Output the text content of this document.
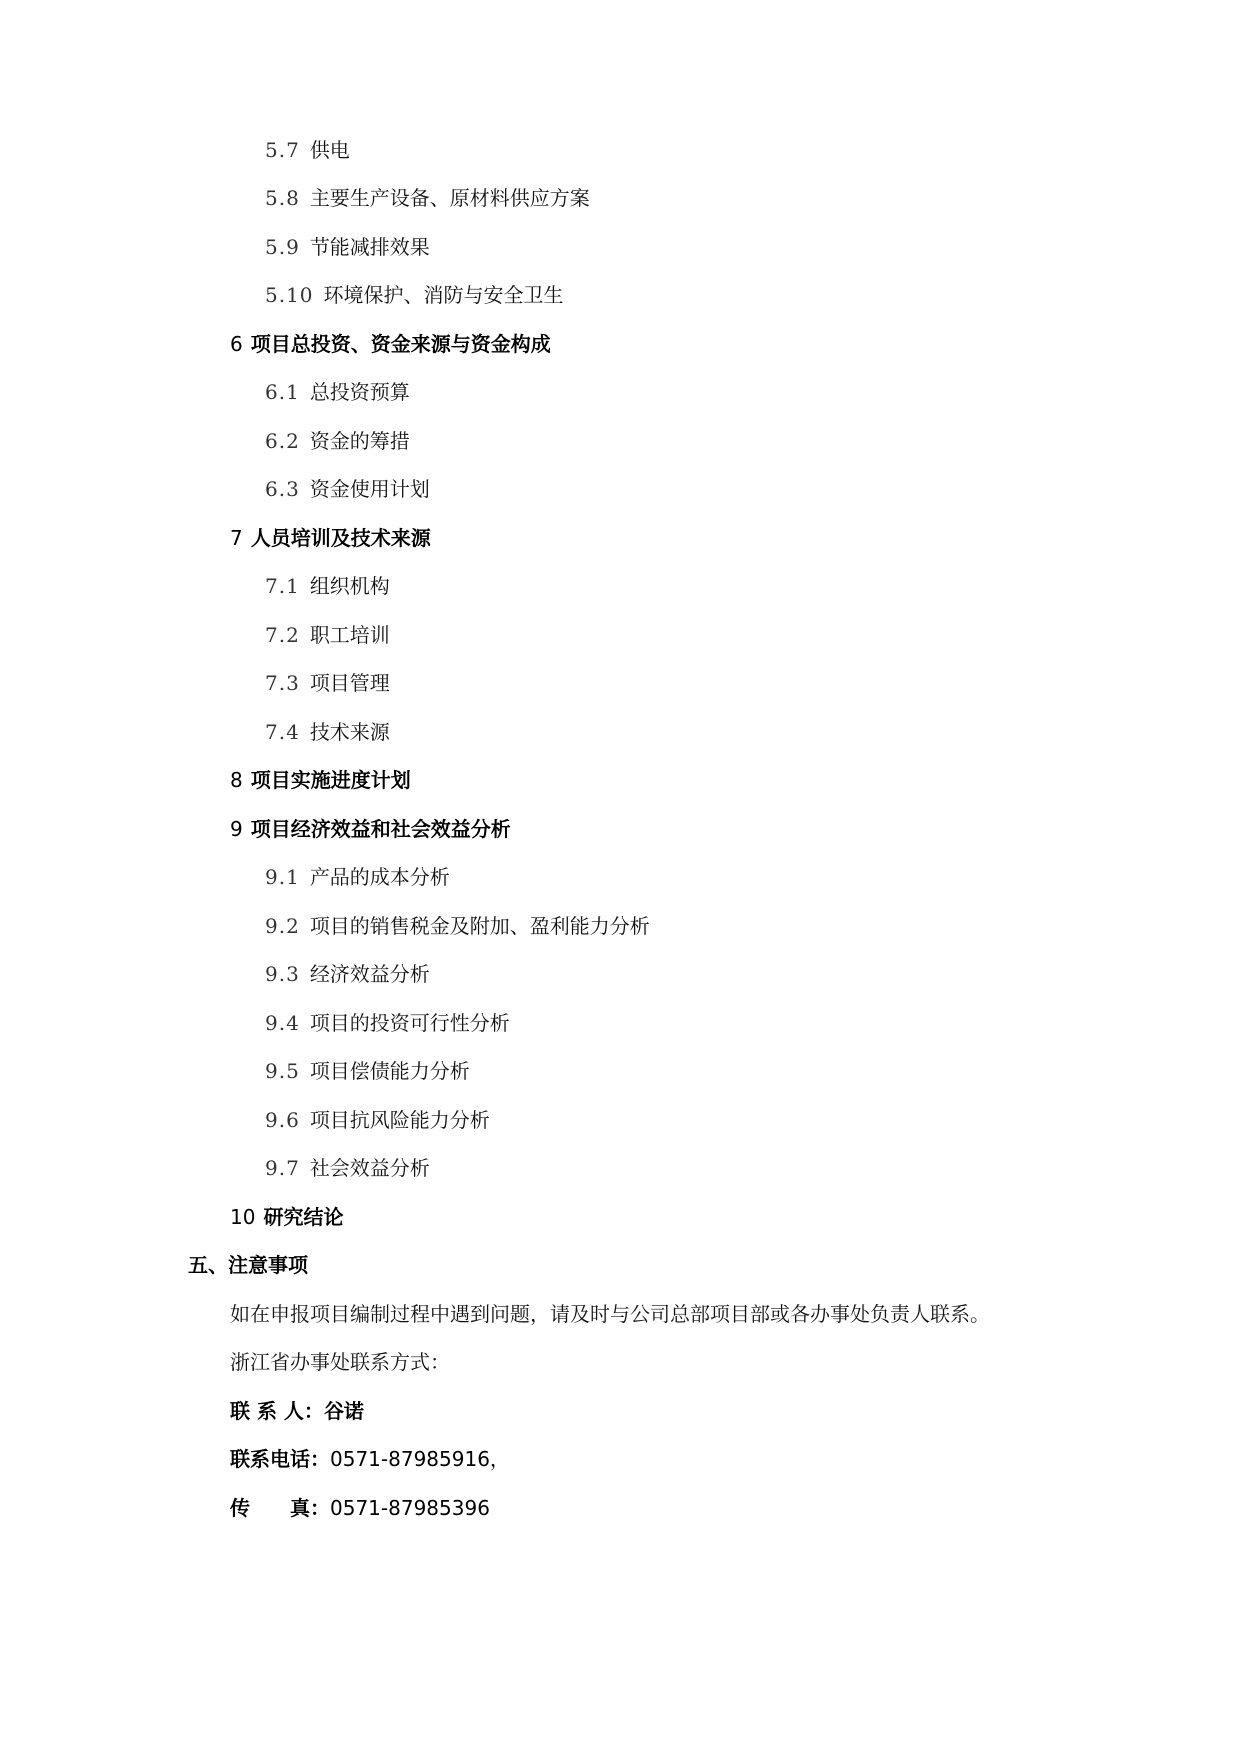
5.7 供电
5.8 主要生产设备、原材料供应方案
5.9 节能减排效果
5.10 环境保护、消防与安全卫生
6 项目总投资、资金来源与资金构成
6.1 总投资预算
6.2 资金的筹措
6.3 资金使用计划
7 人员培训及技术来源
7.1 组织机构
7.2 职工培训
7.3 项目管理
7.4 技术来源
8 项目实施进度计划
9 项目经济效益和社会效益分析
9.1 产品的成本分析
9.2 项目的销售税金及附加、盈利能力分析
9.3 经济效益分析
9.4 项目的投资可行性分析
9.5 项目偿债能力分析
9.6 项目抗风险能力分析
9.7 社会效益分析
10 研究结论
五、注意事项
如在申报项目编制过程中遇到问题，请及时与公司总部项目部或各办事处负责人联系。
浙江省办事处联系方式：
联 系 人：谷诺
联系电话：0571-87985916，
传　　真：0571-87985396
